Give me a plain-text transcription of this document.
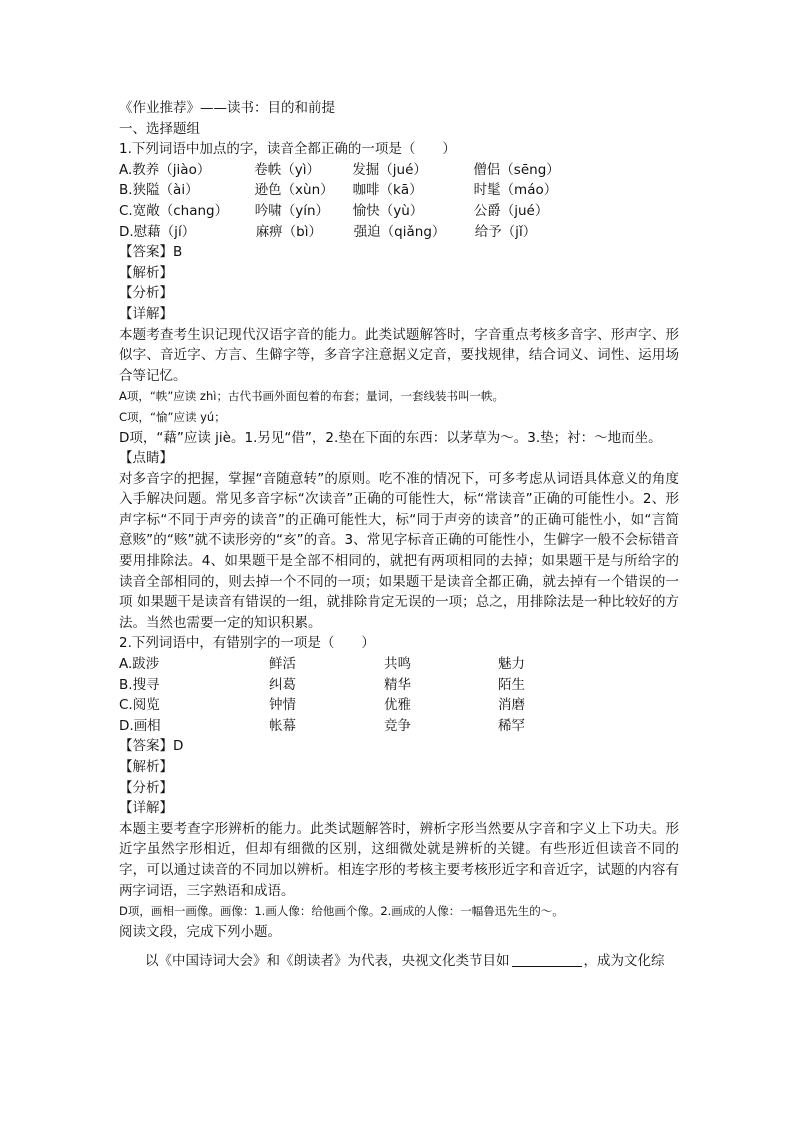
《作业推荐》——读书：目的和前提
一、选择题组
1.下列词语中加点的字，读音全都正确的一项是（　　）
A. 教养（jiào）	卷帙（yì）	发掘（jué）	僧侣（sēng）
B. 狭隘（ài）	逊色（xùn）	咖啡（kā）	时髦（máo）
C. 宽敞（chang）	吟啸（yín）	愉快（yù）	公爵（jué）
D. 慰藉（jí）	麻痹（bì）	强迫（qiǎng）	给予（jǐ）
【答案】B
【解析】
【分析】
【详解】
本题考查考生识记现代汉语字音的能力。此类试题解答时，字音重点考核多音字、形声字、形似字、音近字、方言、生僻字等，多音字注意据义定音，要找规律，结合词义、词性、运用场合等记忆。
A项，“帙”应读 zhì；古代书画外面包着的布套；量词，一套线装书叫一帙。
C项，“愉”应读 yú；
D项，“藉”应读 jiè。1.另见“借”，2.垫在下面的东西：以茅草为～。3.垫；衬：～地而坐。
【点睛】
对多音字的把握，掌握“音随意转”的原则。吃不准的情况下，可多考虑从词语具体意义的角度入手解决问题。常见多音字标“次读音”正确的可能性大，标“常读音”正确的可能性小。2、形声字标“不同于声旁的读音”的正确可能性大，标“同于声旁的读音”的正确可能性小，如“言简意赅”的“赅”就不读形旁的“亥”的音。3、常见字标音正确的可能性小，生僻字一般不会标错音要用排除法。4、如果题干是全部不相同的，就把有两项相同的去掉；如果题干是与所给字的读音全部相同的，则去掉一个不同的一项；如果题干是读音全都正确，就去掉有一个错误的一项 如果题干是读音有错误的一组，就排除肯定无误的一项；总之，用排除法是一种比较好的方法。当然也需要一定的知识积累。
2.下列词语中，有错别字的一项是（　　）
A.跋涉	鲜活	共鸣	魅力
B.搜寻	纠葛	精华	陌生
C.阅览	钟情	优雅	消磨
D.画相	帐幕	竞争	稀罕
【答案】D
【解析】
【分析】
【详解】
本题主要考查字形辨析的能力。此类试题解答时，辨析字形当然要从字音和字义上下功夫。形近字虽然字形相近，但却有细微的区别，这细微处就是辨析的关键。有些形近但读音不同的字，可以通过读音的不同加以辨析。相连字形的考核主要考核形近字和音近字，试题的内容有两字词语，三字熟语和成语。
D项，画相一画像。画像：1.画人像：给他画个像。2.画成的人像：一幅鲁迅先生的～。
阅读文段，完成下列小题。
以《中国诗词大会》和《朗读者》为代表，央视文化类节目如	，成为文化综
